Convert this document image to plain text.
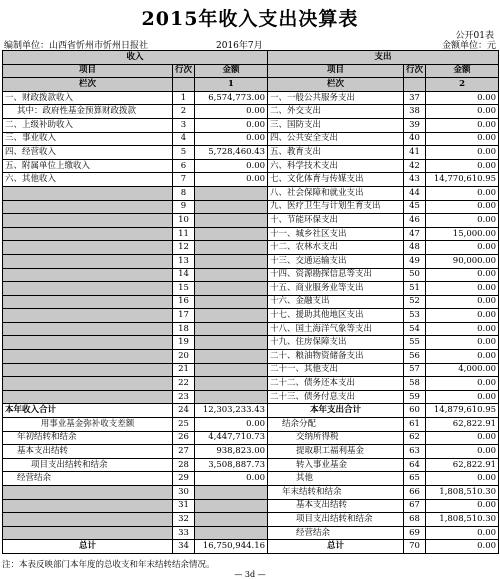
2015年收入支出决算表
公开01表
编制单位：山西省忻州市忻州日报社	2016年7月	金额单位：元
收入			支出		
项目	行次	金额	项目	行次	金额
栏次		1	栏次		2
一、财政拨款收入	1	6,574,773.00	一、一般公共服务支出	37	0.00
其中：政府性基金预算财政拨款	2	0.00	二、外交支出	38	0.00
二、上级补助收入	3	0.00	三、国防支出	39	0.00
三、事业收入	4	0.00	四、公共安全支出	40	0.00
四、经营收入	5	5,728,460.43	五、教育支出	41	0.00
五、附属单位上缴收入	6	0.00	六、科学技术支出	42	0.00
六、其他收入	7	0.00	七、文化体育与传媒支出	43	14,770,610.95
	8		八、社会保障和就业支出	44	0.00
	9		九、医疗卫生与计划生育支出	45	0.00
	10		十、节能环保支出	46	0.00
	11		十一、城乡社区支出	47	15,000.00
	12		十二、农林水支出	48	0.00
	13		十三、交通运输支出	49	90,000.00
	14		十四、资源勘探信息等支出	50	0.00
	15		十五、商业服务业等支出	51	0.00
	16		十六、金融支出	52	0.00
	17		十七、援助其他地区支出	53	0.00
	18		十八、国土海洋气象等支出	54	0.00
	19		十九、住房保障支出	55	0.00
	20		二十、粮油物资储备支出	56	0.00
	21		二十一、其他支出	57	4,000.00
	22		二十二、债务还本支出	58	0.00
	23		二十三、债务付息支出	59	0.00
本年收入合计	24	12,303,233.43	本年支出合计	60	14,879,610.95
用事业基金弥补收支差额	25	0.00	结余分配	61	62,822.91
年初结转和结余	26	4,447,710.73	交纳所得税	62	0.00
基本支出结转	27	938,823.00	提取职工福利基金	63	0.00
项目支出结转和结余	28	3,508,887.73	转入事业基金	64	62,822.91
经营结余	29	0.00	其他	65	0.00
	30		年末结转和结余	66	1,808,510.30
	31		基本支出结转	67	0.00
	32		项目支出结转和结余	68	1,808,510.30
	33		经营结余	69	0.00
总计	34	16,750,944.16	总计	70	0.00
注：本表反映部门本年度的总收支和年末结转结余情况。
— 3d —
